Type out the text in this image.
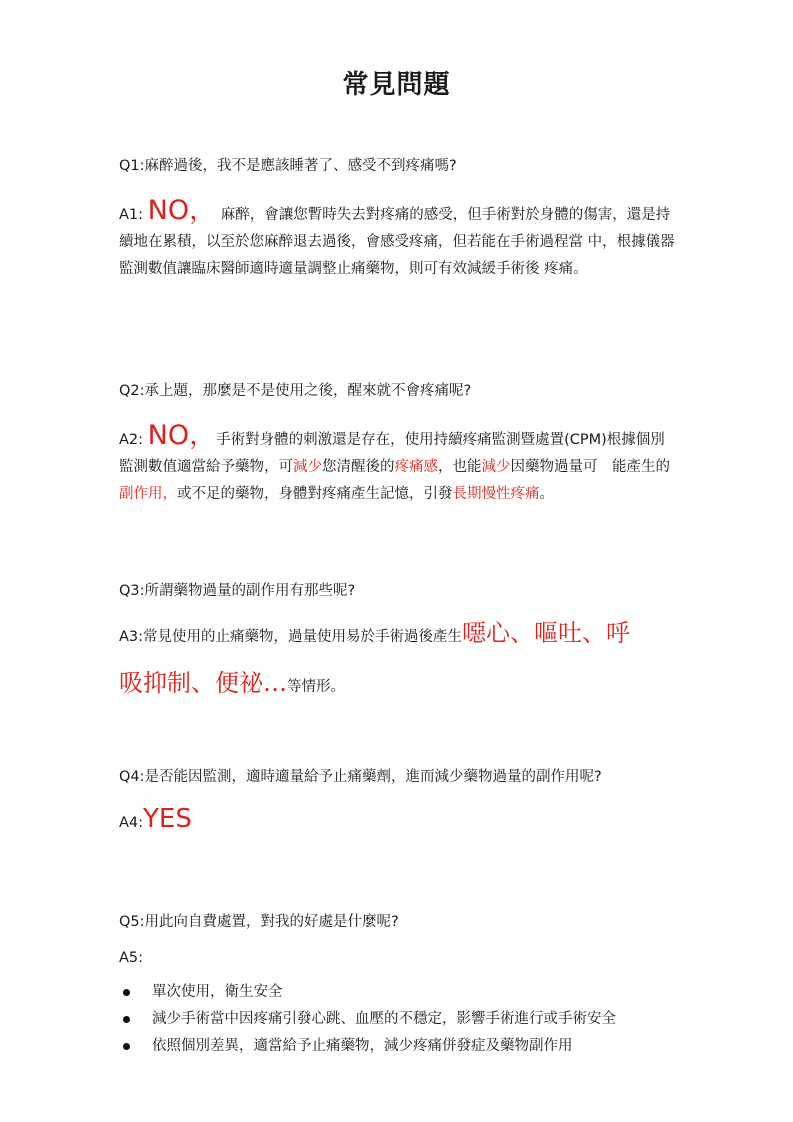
常見問題
Q1:麻醉過後，我不是應該睡著了、感受不到疼痛嗎?
A1: NO， 麻醉，會讓您暫時失去對疼痛的感受，但手術對於身體的傷害，還是持續地在累積，以至於您麻醉退去過後，會感受疼痛，但若能在手術過程當 中，根據儀器監測數值讓臨床醫師適時適量調整止痛藥物，則可有效減緩手術後 疼痛。
Q2:承上題，那麼是不是使用之後，醒來就不會疼痛呢?
A2: NO，手術對身體的刺激還是存在，使用持續疼痛監測暨處置(CPM)根據個別監測數值適當給予藥物，可減少您清醒後的疼痛感，也能減少因藥物過量可　能產生的副作用，或不足的藥物，身體對疼痛產生記憶，引發長期慢性疼痛。
Q3:所謂藥物過量的副作用有那些呢?
A3:常見使用的止痛藥物，過量使用易於手術過後產生噁心、嘔吐、呼
吸抑制、便祕…等情形。
Q4:是否能因監測，適時適量給予止痛藥劑，進而減少藥物過量的副作用呢?
A4:YES
Q5:用此向自費處置，對我的好處是什麼呢?
A5:
單次使用，衛生安全
減少手術當中因疼痛引發心跳、血壓的不穩定，影響手術進行或手術安全
依照個別差異，適當給予止痛藥物，減少疼痛併發症及藥物副作用
